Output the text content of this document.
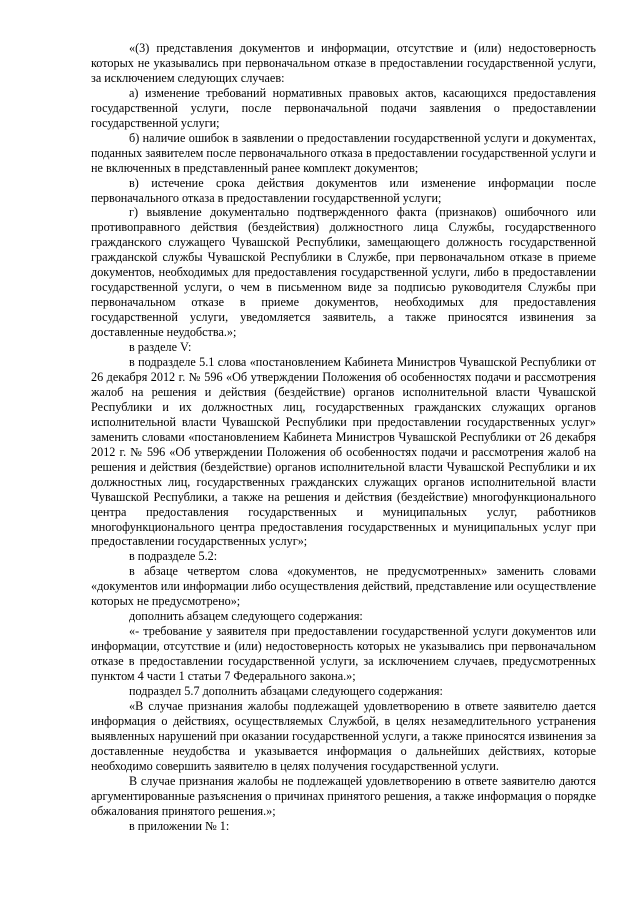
«(3) представления документов и информации, отсутствие и (или) недостоверность которых не указывались при первоначальном отказе в предоставлении государственной услуги, за исключением следующих случаев:

а) изменение требований нормативных правовых актов, касающихся предоставления государственной услуги, после первоначальной подачи заявления о предоставлении государственной услуги;

б) наличие ошибок в заявлении о предоставлении государственной услуги и документах, поданных заявителем после первоначального отказа в предоставлении государственной услуги и не включенных в представленный ранее комплект документов;

в) истечение срока действия документов или изменение информации после первоначального отказа в предоставлении государственной услуги;

г) выявление документально подтвержденного факта (признаков) ошибочного или противоправного действия (бездействия) должностного лица Службы, государственного гражданского служащего Чувашской Республики, замещающего должность государственной гражданской службы Чувашской Республики в Службе, при первоначальном отказе в приеме документов, необходимых для предоставления государственной услуги, либо в предоставлении государственной услуги, о чем в письменном виде за подписью руководителя Службы при первоначальном отказе в приеме документов, необходимых для предоставления государственной услуги, уведомляется заявитель, а также приносятся извинения за доставленные неудобства.»;

в разделе V:

в подразделе 5.1 слова «постановлением Кабинета Министров Чувашской Республики от 26 декабря 2012 г. № 596 «Об утверждении Положения об особенностях подачи и рассмотрения жалоб на решения и действия (бездействие) органов исполнительной власти Чувашской Республики и их должностных лиц, государственных гражданских служащих органов исполнительной власти Чувашской Республики при предоставлении государственных услуг» заменить словами «постановлением Кабинета Министров Чувашской Республики от 26 декабря 2012 г. № 596 «Об утверждении Положения об особенностях подачи и рассмотрения жалоб на решения и действия (бездействие) органов исполнительной власти Чувашской Республики и их должностных лиц, государственных гражданских служащих органов исполнительной власти Чувашской Республики, а также на решения и действия (бездействие) многофункционального центра предоставления государственных и муниципальных услуг, работников многофункционального центра предоставления государственных и муниципальных услуг при предоставлении государственных услуг»;

в подразделе 5.2:

в абзаце четвертом слова «документов, не предусмотренных» заменить словами «документов или информации либо осуществления действий, представление или осуществление которых не предусмотрено»;

дополнить абзацем следующего содержания:

«- требование у заявителя при предоставлении государственной услуги документов или информации, отсутствие и (или) недостоверность которых не указывались при первоначальном отказе в предоставлении государственной услуги, за исключением случаев, предусмотренных пунктом 4 части 1 статьи 7 Федерального закона.»;

подраздел 5.7 дополнить абзацами следующего содержания:

«В случае признания жалобы подлежащей удовлетворению в ответе заявителю дается информация о действиях, осуществляемых Службой, в целях незамедлительного устранения выявленных нарушений при оказании государственной услуги, а также приносятся извинения за доставленные неудобства и указывается информация о дальнейших действиях, которые необходимо совершить заявителю в целях получения государственной услуги.

В случае признания жалобы не подлежащей удовлетворению в ответе заявителю даются аргументированные разъяснения о причинах принятого решения, а также информация о порядке обжалования принятого решения.»;

в приложении № 1:
